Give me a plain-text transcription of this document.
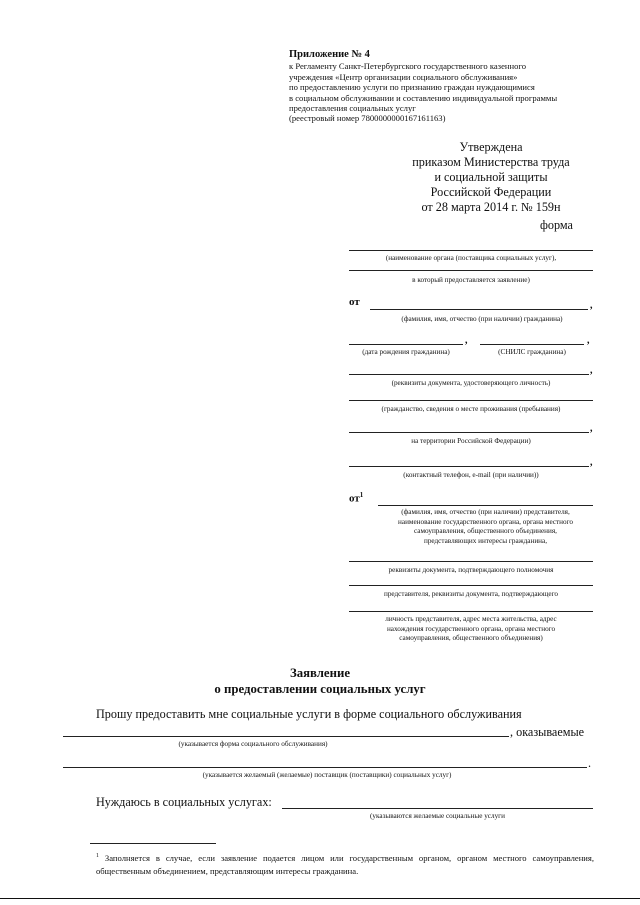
Приложение № 4
к Регламенту Санкт-Петербургского государственного казенного
учреждения «Центр организации социального обслуживания»
по предоставлению услуги по признанию граждан нуждающимися
в социальном обслуживании и составлению индивидуальной программы
предоставления социальных услуг
(реестровый номер 7800000000167161163)
Утверждена
приказом Министерства труда
и социальной защиты
Российской Федерации
от 28 марта 2014 г. № 159н
форма
(наименование органа (поставщика социальных услуг),
в который предоставляется заявление)
от	,
(фамилия, имя, отчество (при наличии) гражданина)
,	,
(дата рождения гражданина)	(СНИЛС гражданина)
,
(реквизиты документа, удостоверяющего личность)
(гражданство, сведения о месте проживания (пребывания)
,
на территории Российской Федерации)
,
(контактный телефон, e-mail (при наличии))
$от^1$
(фамилия, имя, отчество (при наличии) представителя,
наименование государственного органа, органа местного
самоуправления, общественного объединения,
представляющих интересы гражданина,
реквизиты документа, подтверждающего полномочия
представителя, реквизиты документа, подтверждающего
личность представителя, адрес места жительства, адрес
нахождения государственного органа, органа местного
самоуправления, общественного объединения)
Заявление
о предоставлении социальных услуг
Прошу предоставить мне социальные услуги в форме социального обслуживания
, оказываемые
(указывается форма социального обслуживания)
.
(указывается желаемый (желаемые) поставщик (поставщики) социальных услуг)
Нуждаюсь в социальных услугах:
(указываются желаемые социальные услуги
$^1$ Заполняется в случае, если заявление подается лицом или государственным органом, органом местного самоуправления, общественным объединением, представляющим интересы гражданина.
